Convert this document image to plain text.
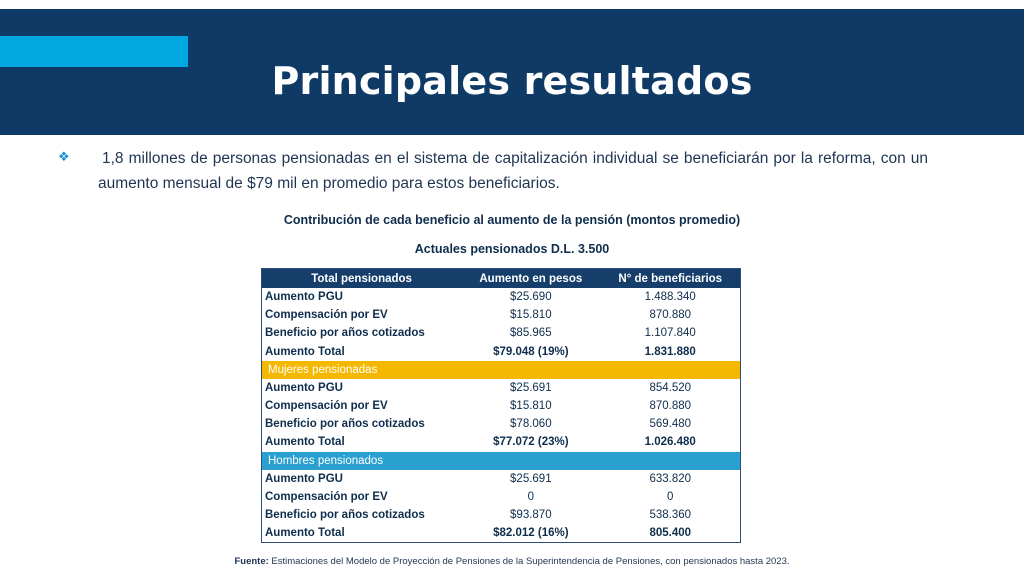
Principales resultados
❖ 1,8 millones de personas pensionadas en el sistema de capitalización individual se beneficiarán por la reforma, con un aumento mensual de $79 mil en promedio para estos beneficiarios.
Contribución de cada beneficio al aumento de la pensión (montos promedio)
Actuales pensionados D.L. 3.500
Total pensionados	Aumento en pesos	N° de beneficiarios
Aumento PGU	$25.690	1.488.340
Compensación por EV	$15.810	870.880
Beneficio por años cotizados	$85.965	1.107.840
Aumento Total	$79.048 (19%)	1.831.880
Mujeres pensionadas		
Aumento PGU	$25.691	854.520
Compensación por EV	$15.810	870.880
Beneficio por años cotizados	$78.060	569.480
Aumento Total	$77.072 (23%)	1.026.480
Hombres pensionados		
Aumento PGU	$25.691	633.820
Compensación por EV	0	0
Beneficio por años cotizados	$93.870	538.360
Aumento Total	$82.012 (16%)	805.400
Fuente: Estimaciones del Modelo de Proyección de Pensiones de la Superintendencia de Pensiones, con pensionados hasta 2023.
